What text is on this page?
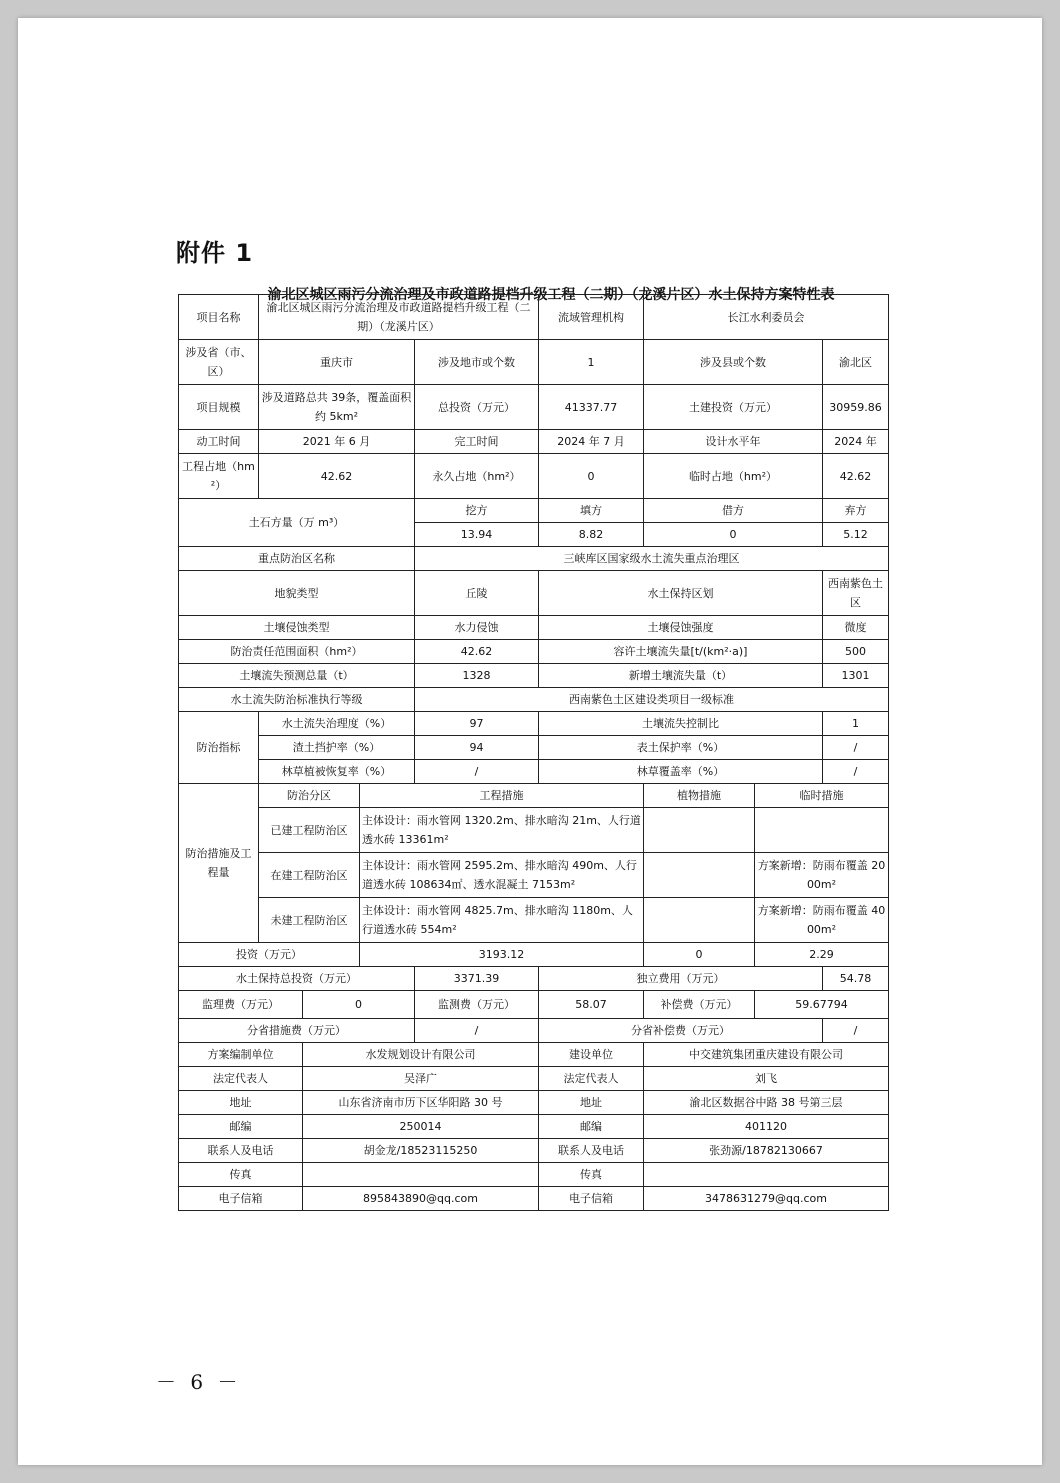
附件 1
渝北区城区雨污分流治理及市政道路提档升级工程（二期）（龙溪片区）水土保持方案特性表
项目名称	渝北区城区雨污分流治理及市政道路提档升级工程（二期）（龙溪片区）				流域管理机构	长江水利委员会		
涉及省（市、区）	重庆市			涉及地市或个数	1	涉及县或个数		渝北区
项目规模	涉及道路总共 39条，覆盖面积约 5km²			总投资（万元）	41337.77	土建投资（万元）		30959.86
动工时间	2021 年 6 月			完工时间	2024 年 7 月	设计水平年		2024 年
工程占地（hm²）	42.62			永久占地（hm²）	0	临时占地（hm²）		42.62
土石方量（万 m³）				挖方	填方	借方		弃方
				13.94	8.82	0		5.12
重点防治区名称				三峡库区国家级水土流失重点治理区				
地貌类型				丘陵	水土保持区划			西南紫色土区
土壤侵蚀类型				水力侵蚀	土壤侵蚀强度			微度
防治责任范围面积（hm²）				42.62	容许土壤流失量[t/(km²·a)]			500
土壤流失预测总量（t）				1328	新增土壤流失量（t）			1301
水土流失防治标准执行等级				西南紫色土区建设类项目一级标准				
防治指标	水土流失治理度（%）			97	土壤流失控制比			1
	渣土挡护率（%）			94	表土保护率（%）			/
	林草植被恢复率（%）			/	林草覆盖率（%）			/
防治措施及工程量	防治分区		工程措施			植物措施	临时措施	
	已建工程防治区		主体设计：雨水管网 1320.2m、排水暗沟 21m、人行道透水砖 13361m²					
	在建工程防治区		主体设计：雨水管网 2595.2m、排水暗沟 490m、人行道透水砖 108634㎡、透水混凝土 7153m²				方案新增：防雨布覆盖 2000m²	
	未建工程防治区		主体设计：雨水管网 4825.7m、排水暗沟 1180m、人行道透水砖 554m²				方案新增：防雨布覆盖 4000m²	
投资（万元）			3193.12			0	2.29	
水土保持总投资（万元）				3371.39	独立费用（万元）			54.78
监理费（万元）		0		监测费（万元）	58.07	补偿费（万元）	59.67794	
分省措施费（万元）				/	分省补偿费（万元）			/
方案编制单位		水发规划设计有限公司			建设单位	中交建筑集团重庆建设有限公司		
法定代表人		吴泽广			法定代表人	刘飞		
地址		山东省济南市历下区华阳路 30 号			地址	渝北区数据谷中路 38 号第三层		
邮编		250014			邮编	401120		
联系人及电话		胡金龙/18523115250			联系人及电话	张劲源/18782130667		
传真					传真			
电子信箱		895843890@qq.com			电子信箱	3478631279@qq.com		
－ 6 －
